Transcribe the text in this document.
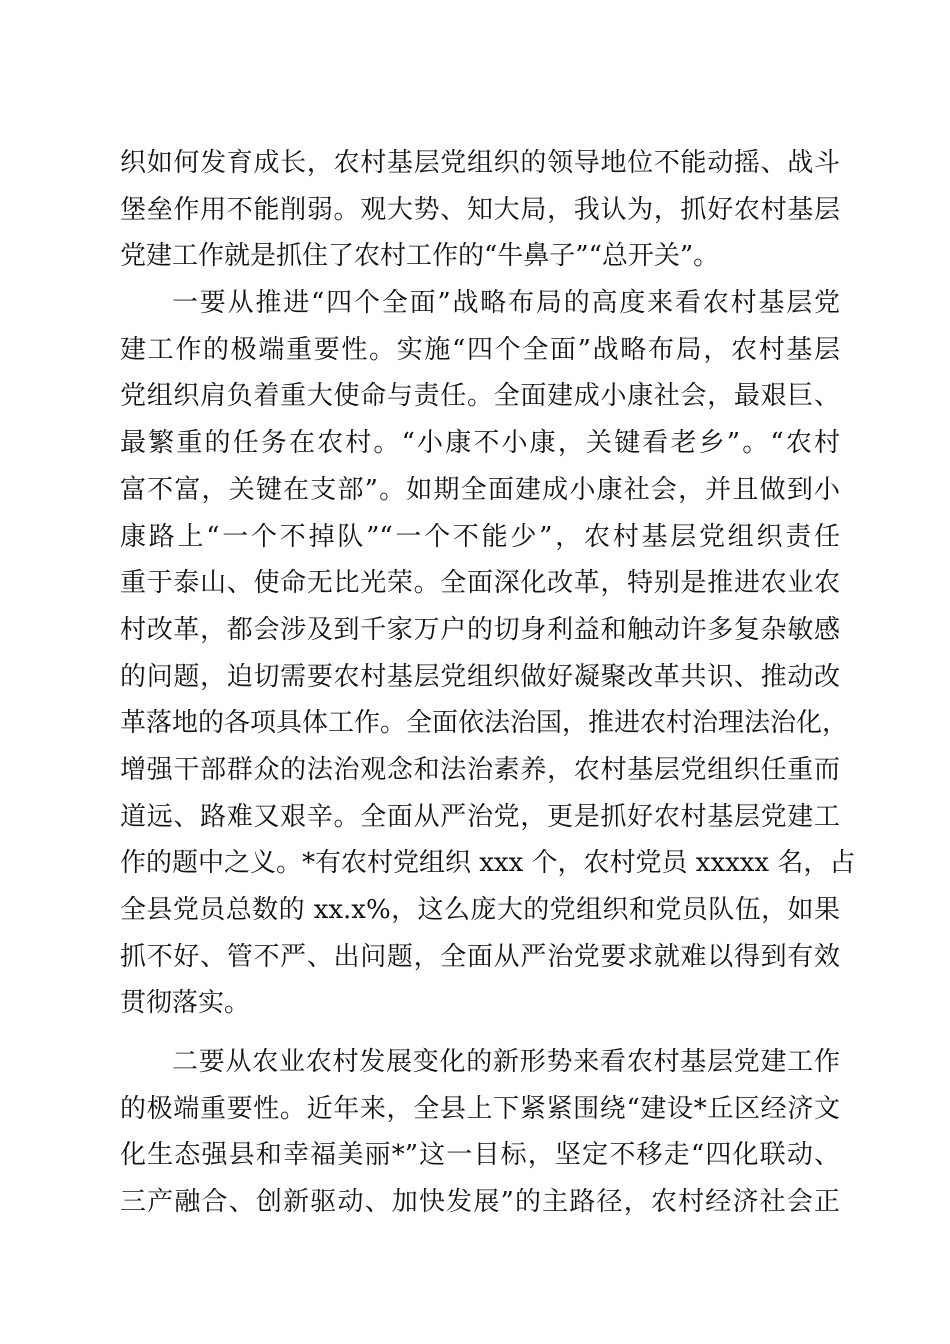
织如何发育成长，农村基层党组织的领导地位不能动摇、战斗
堡垒作用不能削弱。观大势、知大局，我认为，抓好农村基层
党建工作就是抓住了农村工作的“牛鼻子”“总开关”。
一要从推进“四个全面”战略布局的高度来看农村基层党
建工作的极端重要性。实施“四个全面”战略布局，农村基层
党组织肩负着重大使命与责任。全面建成小康社会，最艰巨、
最繁重的任务在农村。“小康不小康，关键看老乡”。“农村
富不富，关键在支部”。如期全面建成小康社会，并且做到小
康路上“一个不掉队”“一个不能少”，农村基层党组织责任
重于泰山、使命无比光荣。全面深化改革，特别是推进农业农
村改革，都会涉及到千家万户的切身利益和触动许多复杂敏感
的问题，迫切需要农村基层党组织做好凝聚改革共识、推动改
革落地的各项具体工作。全面依法治国，推进农村治理法治化，
增强干部群众的法治观念和法治素养，农村基层党组织任重而
道远、路难又艰辛。全面从严治党，更是抓好农村基层党建工
作的题中之义。*有农村党组织 xxx 个，农村党员 xxxxx 名，占
全县党员总数的 xx.x%，这么庞大的党组织和党员队伍，如果
抓不好、管不严、出问题，全面从严治党要求就难以得到有效
贯彻落实。
二要从农业农村发展变化的新形势来看农村基层党建工作
的极端重要性。近年来，全县上下紧紧围绕“建设*丘区经济文
化生态强县和幸福美丽*”这一目标，坚定不移走“四化联动、
三产融合、创新驱动、加快发展”的主路径，农村经济社会正
